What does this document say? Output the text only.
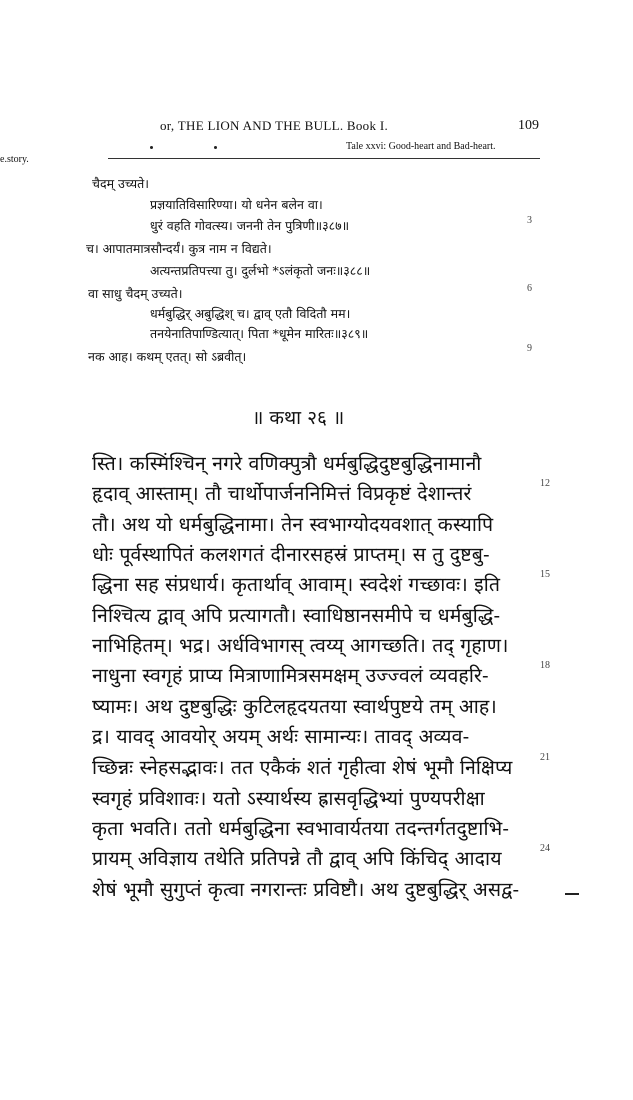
or, THE LION AND THE BULL. Book I.	109
e.story.
Tale xxvi: Good-heart and Bad-heart.
चैदम् उच्यते।
प्रज्ञयातिविसारिण्या। यो धनेन बलेन वा।
धुरं वहति गोवत्स्य। जननी तेन पुत्रिणी॥३८७॥
च। आपातमात्रसौन्दर्यं। कुत्र नाम न विद्यते।
अत्यन्तप्रतिपत्त्या तु। दुर्लभो *ऽलंकृतो जनः॥३८८॥
वा साधु चैदम् उच्यते।
धर्मबुद्धिर् अबुद्धिश् च। द्वाव् एतौ विदितौ मम।
तनयेनातिपाण्डित्यात्। पिता *धूमेन मारितः॥३८९॥
नक आह। कथम् एतत्। सो ऽब्रवीत्।
3
6
9
॥ कथा २६ ॥
स्ति। कस्मिंश्चिन् नगरे वणिक्पुत्रौ धर्मबुद्धिदुष्टबुद्धिनामानौ
हृदाव् आस्ताम्। तौ चार्थोपार्जननिमित्तं विप्रकृष्टं देशान्तरं
तौ। अथ यो धर्मबुद्धिनामा। तेन स्वभाग्योदयवशात् कस्यापि
धोः पूर्वस्थापितं कलशगतं दीनारसहस्रं प्राप्तम्। स तु दुष्टबु-
द्धिना सह संप्रधार्य। कृतार्थाव् आवाम्। स्वदेशं गच्छावः। इति
निश्चित्य द्वाव् अपि प्रत्यागतौ। स्वाधिष्ठानसमीपे च धर्मबुद्धि-
नाभिहितम्। भद्र। अर्धविभागस् त्वय्य् आगच्छति। तद् गृहाण।
नाधुना स्वगृहं प्राप्य मित्राणामित्रसमक्षम् उज्ज्वलं व्यवहरि-
ष्यामः। अथ दुष्टबुद्धिः कुटिलहृदयतया स्वार्थपुष्टये तम् आह।
द्र। यावद् आवयोर् अयम् अर्थः सामान्यः। तावद् अव्यव-
च्छिन्नः स्नेहसद्भावः। तत एकैकं शतं गृहीत्वा शेषं भूमौ निक्षिप्य
स्वगृहं प्रविशावः। यतो ऽस्यार्थस्य ह्रासवृद्धिभ्यां पुण्यपरीक्षा
कृता भवति। ततो धर्मबुद्धिना स्वभावार्यतया तदन्तर्गतदुष्टाभि-
प्रायम् अविज्ञाय तथेति प्रतिपन्ने तौ द्वाव् अपि किंचिद् आदाय
शेषं भूमौ सुगुप्तं कृत्वा नगरान्तः प्रविष्टौ। अथ दुष्टबुद्धिर् असद्व-
12
15
18
21
24
